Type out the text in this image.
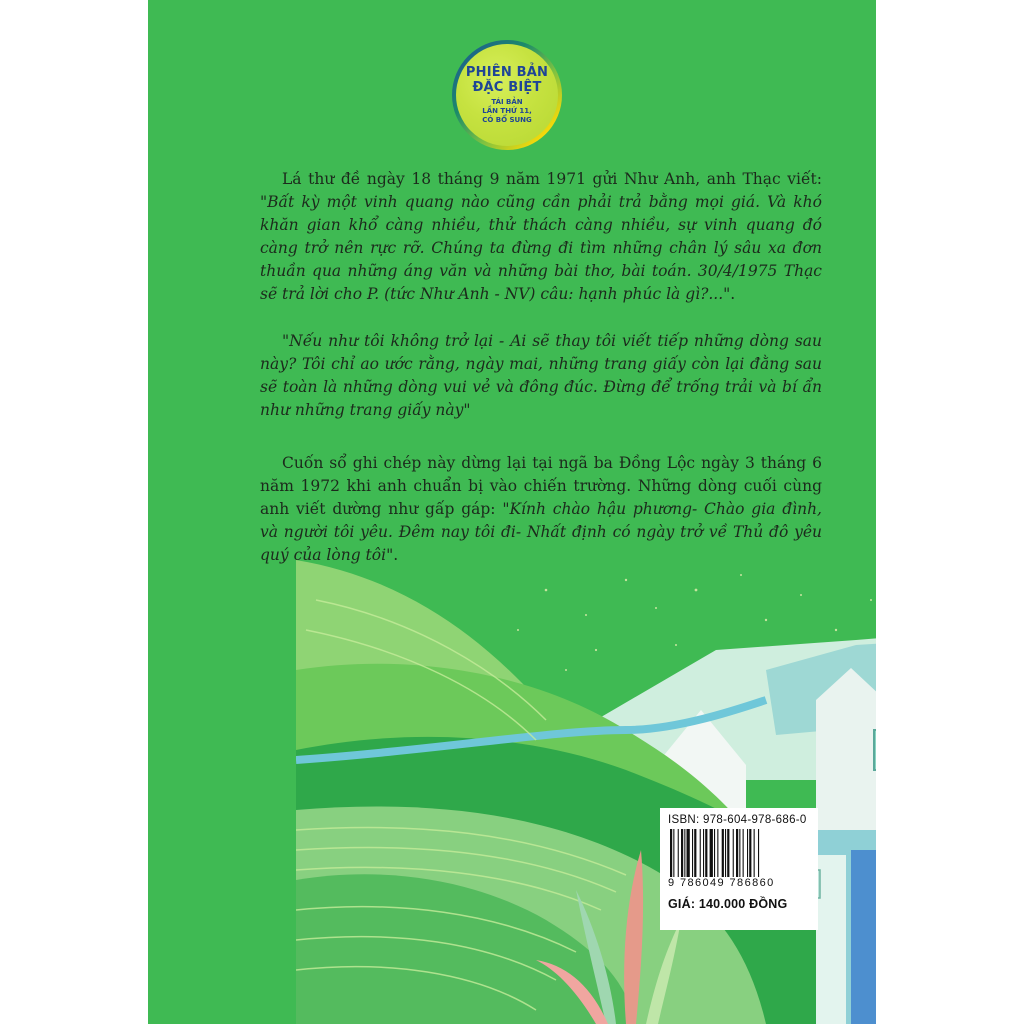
PHIÊN BẢN
ĐẶC BIỆT
TÁI BẢN
LẦN THỨ 11,
CÓ BỔ SUNG
Lá thư đề ngày 18 tháng 9 năm 1971 gửi Như Anh, anh Thạc viết: "Bất kỳ một vinh quang nào cũng cần phải trả bằng mọi giá. Và khó khăn gian khổ càng nhiều, thử thách càng nhiều, sự vinh quang đó càng trở nên rực rỡ. Chúng ta đừng đi tìm những chân lý sâu xa đơn thuần qua những áng văn và những bài thơ, bài toán. 30/4/1975 Thạc sẽ trả lời cho P. (tức Như Anh - NV) câu: hạnh phúc là gì?...".
"Nếu như tôi không trở lại - Ai sẽ thay tôi viết tiếp những dòng sau này? Tôi chỉ ao ước rằng, ngày mai, những trang giấy còn lại đằng sau sẽ toàn là những dòng vui vẻ và đông đúc. Đừng để trống trải và bí ẩn như những trang giấy này"
Cuốn sổ ghi chép này dừng lại tại ngã ba Đồng Lộc ngày 3 tháng 6 năm 1972 khi anh chuẩn bị vào chiến trường. Những dòng cuối cùng anh viết dường như gấp gáp: "Kính chào hậu phương- Chào gia đình, và người tôi yêu. Đêm nay tôi đi- Nhất định có ngày trở về Thủ đô yêu quý của lòng tôi".
ISBN: 978-604-978-686-0
9 786049 786860
GIÁ: 140.000 ĐỒNG
